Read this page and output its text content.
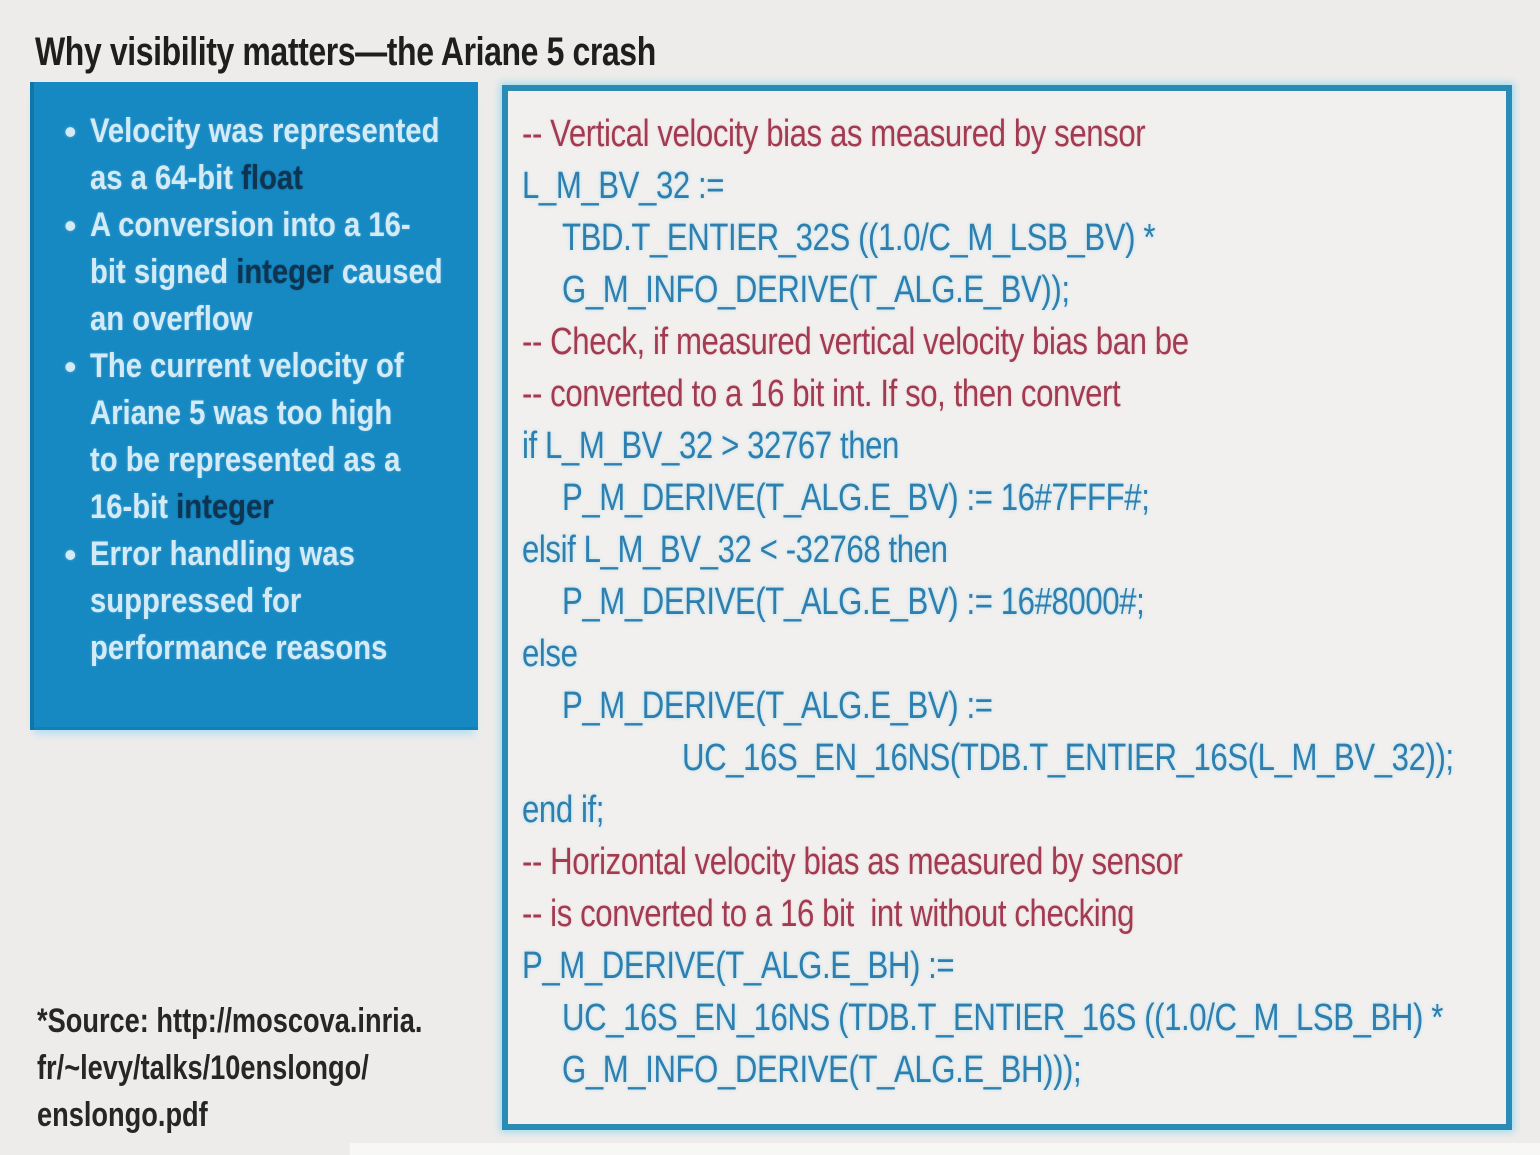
Why visibility matters—the Ariane 5 crash
• Velocity was represented
as a 64-bit float
• A conversion into a 16-
bit signed integer caused
an overflow
• The current velocity of
Ariane 5 was too high
to be represented as a
16-bit integer
• Error handling was
suppressed for
performance reasons
-- Vertical velocity bias as measured by sensor
L_M_BV_32 :=
TBD.T_ENTIER_32S ((1.0/C_M_LSB_BV) *
G_M_INFO_DERIVE(T_ALG.E_BV));
-- Check, if measured vertical velocity bias ban be
-- converted to a 16 bit int. If so, then convert
if L_M_BV_32 > 32767 then
P_M_DERIVE(T_ALG.E_BV) := 16#7FFF#;
elsif L_M_BV_32 < -32768 then
P_M_DERIVE(T_ALG.E_BV) := 16#8000#;
else
P_M_DERIVE(T_ALG.E_BV) :=
UC_16S_EN_16NS(TDB.T_ENTIER_16S(L_M_BV_32));
end if;
-- Horizontal velocity bias as measured by sensor
-- is converted to a 16 bit  int without checking
P_M_DERIVE(T_ALG.E_BH) :=
UC_16S_EN_16NS (TDB.T_ENTIER_16S ((1.0/C_M_LSB_BH) *
G_M_INFO_DERIVE(T_ALG.E_BH)));
*Source: http://moscova.inria.
fr/~levy/talks/10enslongo/
enslongo.pdf
